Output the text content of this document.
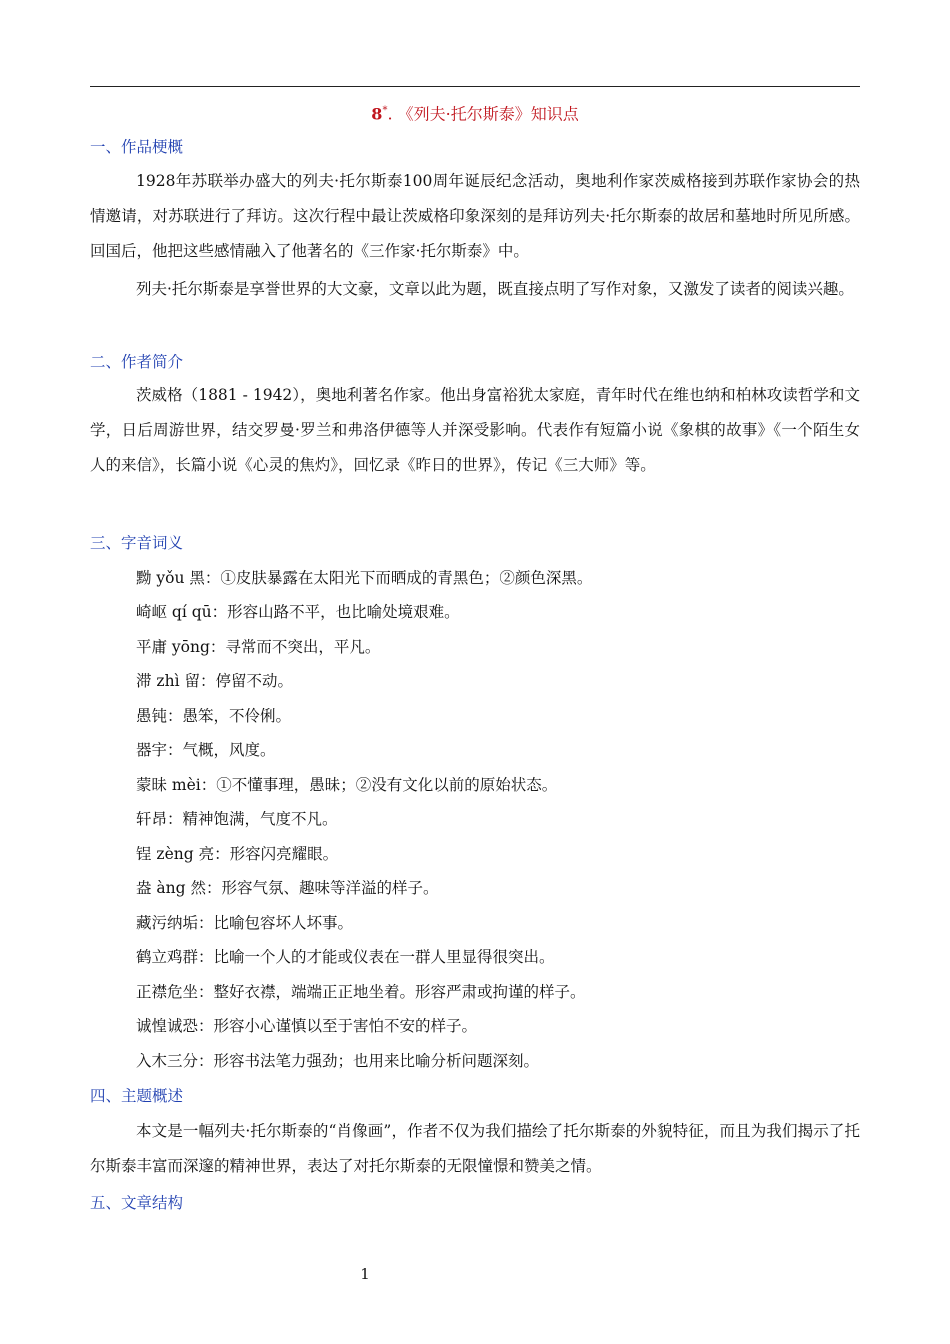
8*. 《列夫·托尔斯泰》知识点
一、作品梗概

1928年苏联举办盛大的列夫·托尔斯泰100周年诞辰纪念活动，奥地利作家茨威格接到苏联作家协会的热情邀请，对苏联进行了拜访。这次行程中最让茨威格印象深刻的是拜访列夫·托尔斯泰的故居和墓地时所见所感。回国后，他把这些感情融入了他著名的《三作家·托尔斯泰》中。

列夫·托尔斯泰是享誉世界的大文豪，文章以此为题，既直接点明了写作对象，又激发了读者的阅读兴趣。

二、作者简介

茨威格（1881 - 1942），奥地利著名作家。他出身富裕犹太家庭，青年时代在维也纳和柏林攻读哲学和文学，日后周游世界，结交罗曼·罗兰和弗洛伊德等人并深受影响。代表作有短篇小说《象棋的故事》《一个陌生女人的来信》，长篇小说《心灵的焦灼》，回忆录《昨日的世界》，传记《三大师》等。

三、字音词义
黝 yǒu 黑：①皮肤暴露在太阳光下而晒成的青黑色；②颜色深黑。
崎岖 qí qū：形容山路不平，也比喻处境艰难。
平庸 yōng：寻常而不突出，平凡。
滞 zhì 留：停留不动。
愚钝：愚笨，不伶俐。
器宇：气概，风度。
蒙昧 mèi：①不懂事理，愚昧；②没有文化以前的原始状态。
轩昂：精神饱满，气度不凡。
锃 zèng 亮：形容闪亮耀眼。
盎 àng 然：形容气氛、趣味等洋溢的样子。
藏污纳垢：比喻包容坏人坏事。
鹤立鸡群：比喻一个人的才能或仪表在一群人里显得很突出。
正襟危坐：整好衣襟，端端正正地坐着。形容严肃或拘谨的样子。
诚惶诚恐：形容小心谨慎以至于害怕不安的样子。
入木三分：形容书法笔力强劲；也用来比喻分析问题深刻。
四、主题概述

本文是一幅列夫·托尔斯泰的“肖像画”，作者不仅为我们描绘了托尔斯泰的外貌特征，而且为我们揭示了托尔斯泰丰富而深邃的精神世界，表达了对托尔斯泰的无限憧憬和赞美之情。

五、文章结构
1
